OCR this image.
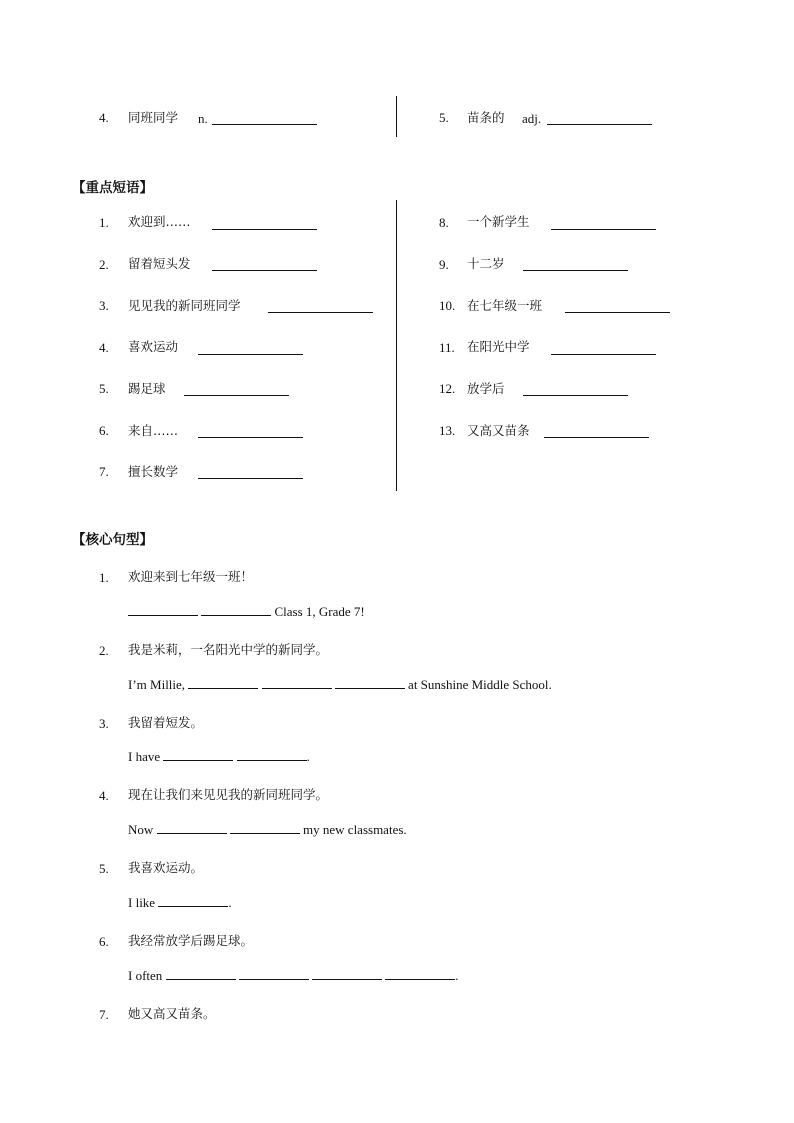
4. 同班同学 n.	5. 苗条的 adj.
【重点短语】
1. 欢迎到……
2. 留着短头发
3. 见见我的新同班同学
4. 喜欢运动
5. 踢足球
6. 来自……
7. 擅长数学
8. 一个新学生
9. 十二岁
10. 在七年级一班
11. 在阳光中学
12. 放学后
13. 又高又苗条
【核心句型】
1. 欢迎来到七年级一班！
Class 1, Grade 7!
2. 我是米莉，一名阳光中学的新同学。
I’m Millie,	at Sunshine Middle School.
3. 我留着短发。
I have	.
4. 现在让我们来见见我的新同班同学。
Now	my new classmates.
5. 我喜欢运动。
I like	.
6. 我经常放学后踢足球。
I often	.
7. 她又高又苗条。
